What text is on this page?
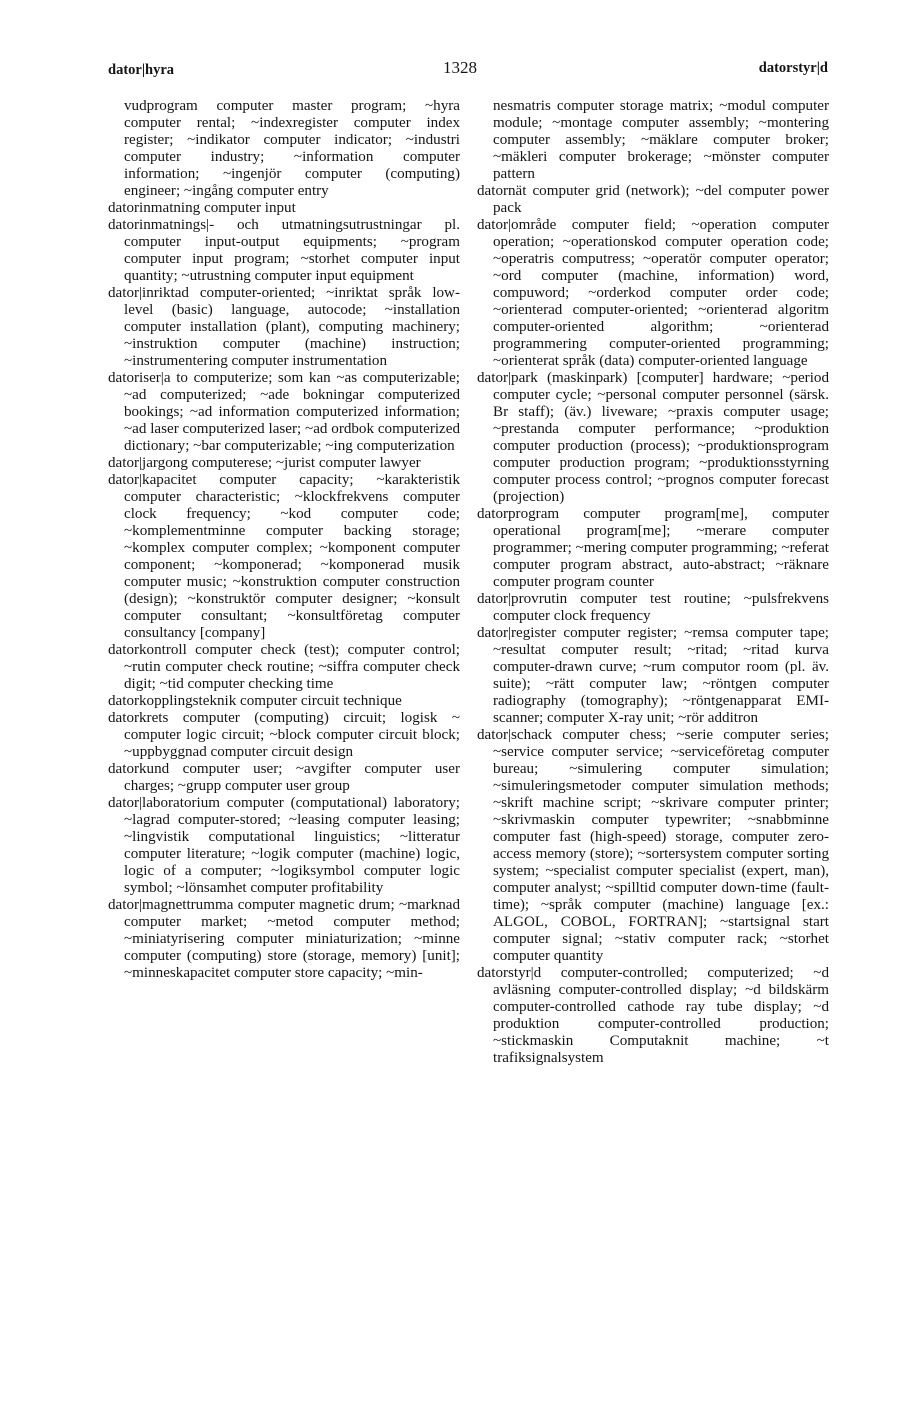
dator|hyra	1328	datorstyr|d

vudprogram computer master program; ~hyra computer rental; ~indexregister computer index register; ~indikator computer indicator; ~industri computer industry; ~information computer information; ~ingenjör computer (computing) engineer; ~ingång computer entry

datorinmatning computer input

datorinmatnings|- och utmatningsutrustningar pl. computer input-output equipments; ~program computer input program; ~storhet computer input quantity; ~utrustning computer input equipment

dator|inriktad computer-oriented; ~inriktat språk low-level (basic) language, autocode; ~installation computer installation (plant), computing machinery; ~instruktion computer (machine) instruction; ~instrumentering computer instrumentation

datoriser|a to computerize; som kan ~as computerizable; ~ad computerized; ~ade bokningar computerized bookings; ~ad information computerized information; ~ad laser computerized laser; ~ad ordbok computerized dictionary; ~bar computerizable; ~ing computerization

dator|jargong computerese; ~jurist computer lawyer

dator|kapacitet computer capacity; ~karakteristik computer characteristic; ~klockfrekvens computer clock frequency; ~kod computer code; ~komplementminne computer backing storage; ~komplex computer complex; ~komponent computer component; ~komponerad; ~komponerad musik computer music; ~konstruktion computer construction (design); ~konstruktör computer designer; ~konsult computer consultant; ~konsultföretag computer consultancy [company]

datorkontroll computer check (test); computer control; ~rutin computer check routine; ~siffra computer check digit; ~tid computer checking time

datorkopplingsteknik computer circuit technique

datorkrets computer (computing) circuit; logisk ~ computer logic circuit; ~block computer circuit block; ~uppbyggnad computer circuit design

datorkund computer user; ~avgifter computer user charges; ~grupp computer user group

dator|laboratorium computer (computational) laboratory; ~lagrad computer-stored; ~leasing computer leasing; ~lingvistik computational linguistics; ~litteratur computer literature; ~logik computer (machine) logic, logic of a computer; ~logiksymbol computer logic symbol; ~lönsamhet computer profitability

dator|magnettrumma computer magnetic drum; ~marknad computer market; ~metod computer method; ~miniatyrisering computer miniaturization; ~minne computer (computing) store (storage, memory) [unit]; ~minneskapacitet computer store capacity; ~min-

nesmatris computer storage matrix; ~modul computer module; ~montage computer assembly; ~montering computer assembly; ~mäklare computer broker; ~mäkleri computer brokerage; ~mönster computer pattern

datornät computer grid (network); ~del computer power pack

dator|område computer field; ~operation computer operation; ~operationskod computer operation code; ~operatris computress; ~operatör computer operator; ~ord computer (machine, information) word, compuword; ~orderkod computer order code; ~orienterad computer-oriented; ~orienterad algoritm computer-oriented algorithm; ~orienterad programmering computer-oriented programming; ~orienterat språk (data) computer-oriented language

dator|park (maskinpark) [computer] hardware; ~period computer cycle; ~personal computer personnel (särsk. Br staff); (äv.) liveware; ~praxis computer usage; ~prestanda computer performance; ~produktion computer production (process); ~produktionsprogram computer production program; ~produktionsstyrning computer process control; ~prognos computer forecast (projection)

datorprogram computer program[me], computer operational program[me]; ~merare computer programmer; ~mering computer programming; ~referat computer program abstract, auto-abstract; ~räknare computer program counter

dator|provrutin computer test routine; ~pulsfrekvens computer clock frequency

dator|register computer register; ~remsa computer tape; ~resultat computer result; ~ritad; ~ritad kurva computer-drawn curve; ~rum computor room (pl. äv. suite); ~rätt computer law; ~röntgen computer radiography (tomography); ~röntgenapparat EMI-scanner; computer X-ray unit; ~rör additron

dator|schack computer chess; ~serie computer series; ~service computer service; ~serviceföretag computer bureau; ~simulering computer simulation; ~simuleringsmetoder computer simulation methods; ~skrift machine script; ~skrivare computer printer; ~skrivmaskin computer typewriter; ~snabbminne computer fast (high-speed) storage, computer zero-access memory (store); ~sortersystem computer sorting system; ~specialist computer specialist (expert, man), computer analyst; ~spilltid computer down-time (fault-time); ~språk computer (machine) language [ex.: ALGOL, COBOL, FORTRAN]; ~startsignal start computer signal; ~stativ computer rack; ~storhet computer quantity

datorstyr|d computer-controlled; computerized; ~d avläsning computer-controlled display; ~d bildskärm computer-controlled cathode ray tube display; ~d produktion computer-controlled production; ~stickmaskin Computaknit machine; ~t trafiksignalsystem
